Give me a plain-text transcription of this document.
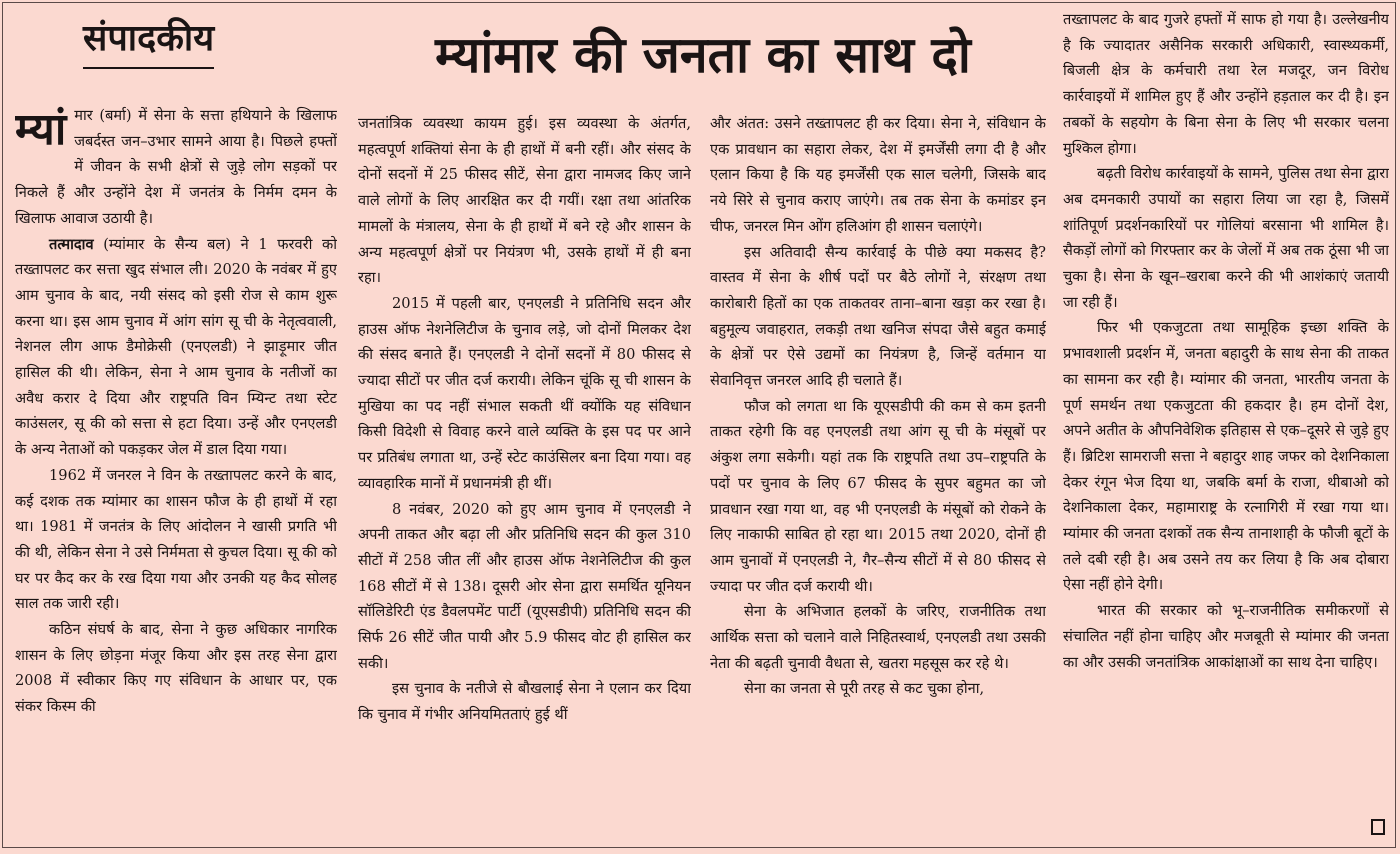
संपादकीय	म्यांमार की जनता का साथ दो

म्यां मार (बर्मा) में सेना के सत्ता हथियाने के खिलाफ जबर्दस्त जन–उभार सामने आया है। पिछले हफ्तों में जीवन के सभी क्षेत्रों से जुड़े लोग सड़कों पर निकले हैं और उन्होंने देश में जनतंत्र के निर्मम दमन के खिलाफ आवाज उठायी है।

तत्मादाव (म्यांमार के सैन्य बल) ने 1 फरवरी को तख्तापलट कर सत्ता खुद संभाल ली। 2020 के नवंबर में हुए आम चुनाव के बाद, नयी संसद को इसी रोज से काम शुरू करना था। इस आम चुनाव में आंग सांग सू ची के नेतृत्ववाली, नेशनल लीग आफ डैमोक्रेसी (एनएलडी) ने झाड़ूमार जीत हासिल की थी। लेकिन, सेना ने आम चुनाव के नतीजों का अवैध करार दे दिया और राष्ट्रपति विन म्यिन्ट तथा स्टेट काउंसलर, सू की को सत्ता से हटा दिया। उन्हें और एनएलडी के अन्य नेताओं को पकड़कर जेल में डाल दिया गया।

1962 में जनरल ने विन के तख्तापलट करने के बाद, कई दशक तक म्यांमार का शासन फौज के ही हाथों में रहा था। 1981 में जनतंत्र के लिए आंदोलन ने खासी प्रगति भी की थी, लेकिन सेना ने उसे निर्ममता से कुचल दिया। सू की को घर पर कैद कर के रख दिया गया और उनकी यह कैद सोलह साल तक जारी रही।

कठिन संघर्ष के बाद, सेना ने कुछ अधिकार नागरिक शासन के लिए छोड़ना मंजूर किया और इस तरह सेना द्वारा 2008 में स्वीकार किए गए संविधान के आधार पर, एक संकर किस्म की

जनतांत्रिक व्यवस्था कायम हुई। इस व्यवस्था के अंतर्गत, महत्वपूर्ण शक्तियां सेना के ही हाथों में बनी रहीं। और संसद के दोनों सदनों में 25 फीसद सीटें, सेना द्वारा नामजद किए जाने वाले लोगों के लिए आरक्षित कर दी गयीं। रक्षा तथा आंतरिक मामलों के मंत्रालय, सेना के ही हाथों में बने रहे और शासन के अन्य महत्वपूर्ण क्षेत्रों पर नियंत्रण भी, उसके हाथों में ही बना रहा।

2015 में पहली बार, एनएलडी ने प्रतिनिधि सदन और हाउस ऑफ नेशनेलिटीज के चुनाव लड़े, जो दोनों मिलकर देश की संसद बनाते हैं। एनएलडी ने दोनों सदनों में 80 फीसद से ज्यादा सीटों पर जीत दर्ज करायी। लेकिन चूंकि सू ची शासन के मुखिया का पद नहीं संभाल सकती थीं क्योंकि यह संविधान किसी विदेशी से विवाह करने वाले व्यक्ति के इस पद पर आने पर प्रतिबंध लगाता था, उन्हें स्टेट काउंसिलर बना दिया गया। वह व्यावहारिक मानों में प्रधानमंत्री ही थीं।

8 नवंबर, 2020 को हुए आम चुनाव में एनएलडी ने अपनी ताकत और बढ़ा ली और प्रतिनिधि सदन की कुल 310 सीटों में 258 जीत लीं और हाउस ऑफ नेशनेलिटीज की कुल 168 सीटों में से 138। दूसरी ओर सेना द्वारा समर्थित यूनियन सॉलिडेरिटी एंड डैवलपमेंट पार्टी (यूएसडीपी) प्रतिनिधि सदन की सिर्फ 26 सीटें जीत पायी और 5.9 फीसद वोट ही हासिल कर सकी।

इस चुनाव के नतीजे से बौखलाई सेना ने एलान कर दिया कि चुनाव में गंभीर अनियमितताएं हुई थीं

और अंतत: उसने तख्तापलट ही कर दिया। सेना ने, संविधान के एक प्रावधान का सहारा लेकर, देश में इमर्जेंसी लगा दी है और एलान किया है कि यह इमर्जेंसी एक साल चलेगी, जिसके बाद नये सिरे से चुनाव कराए जाएंगे। तब तक सेना के कमांडर इन चीफ, जनरल मिन ओंग हलिआंग ही शासन चलाएंगे।

इस अतिवादी सैन्य कार्रवाई के पीछे क्या मकसद है? वास्तव में सेना के शीर्ष पदों पर बैठे लोगों ने, संरक्षण तथा कारोबारी हितों का एक ताकतवर ताना–बाना खड़ा कर रखा है। बहुमूल्य जवाहरात, लकड़ी तथा खनिज संपदा जैसे बहुत कमाई के क्षेत्रों पर ऐसे उद्यमों का नियंत्रण है, जिन्हें वर्तमान या सेवानिवृत्त जनरल आदि ही चलाते हैं।

फौज को लगता था कि यूएसडीपी की कम से कम इतनी ताकत रहेगी कि वह एनएलडी तथा आंग सू ची के मंसूबों पर अंकुश लगा सकेगी। यहां तक कि राष्ट्रपति तथा उप–राष्ट्रपति के पदों पर चुनाव के लिए 67 फीसद के सुपर बहुमत का जो प्रावधान रखा गया था, वह भी एनएलडी के मंसूबों को रोकने के लिए नाकाफी साबित हो रहा था। 2015 तथा 2020, दोनों ही आम चुनावों में एनएलडी ने, गैर–सैन्य सीटों में से 80 फीसद से ज्यादा पर जीत दर्ज करायी थी।

सेना के अभिजात हलकों के जरिए, राजनीतिक तथा आर्थिक सत्ता को चलाने वाले निहितस्वार्थ, एनएलडी तथा उसकी नेता की बढ़ती चुनावी वैधता से, खतरा महसूस कर रहे थे।

सेना का जनता से पूरी तरह से कट चुका होना,

तख्तापलट के बाद गुजरे हफ्तों में साफ हो गया है। उल्लेखनीय है कि ज्यादातर असैनिक सरकारी अधिकारी, स्वास्थ्यकर्मी, बिजली क्षेत्र के कर्मचारी तथा रेल मजदूर, जन विरोध कार्रवाइयों में शामिल हुए हैं और उन्होंने हड़ताल कर दी है। इन तबकों के सहयोग के बिना सेना के लिए भी सरकार चलना मुश्किल होगा।

बढ़ती विरोध कार्रवाइयों के सामने, पुलिस तथा सेना द्वारा अब दमनकारी उपायों का सहारा लिया जा रहा है, जिसमें शांतिपूर्ण प्रदर्शनकारियों पर गोलियां बरसाना भी शामिल है। सैकड़ों लोगों को गिरफ्तार कर के जेलों में अब तक ठूंसा भी जा चुका है। सेना के खून–खराबा करने की भी आशंकाएं जतायी जा रही हैं।

फिर भी एकजुटता तथा सामूहिक इच्छा शक्ति के प्रभावशाली प्रदर्शन में, जनता बहादुरी के साथ सेना की ताकत का सामना कर रही है। म्यांमार की जनता, भारतीय जनता के पूर्ण समर्थन तथा एकजुटता की हकदार है। हम दोनों देश, अपने अतीत के औपनिवेशिक इतिहास से एक–दूसरे से जुड़े हुए हैं। ब्रिटिश सामराजी सत्ता ने बहादुर शाह जफर को देशनिकाला देकर रंगून भेज दिया था, जबकि बर्मा के राजा, थीबाओ को देशनिकाला देकर, महामाराष्ट्र के रत्नागिरी में रखा गया था। म्यांमार की जनता दशकों तक सैन्य तानाशाही के फौजी बूटों के तले दबी रही है। अब उसने तय कर लिया है कि अब दोबारा ऐसा नहीं होने देगी।

भारत की सरकार को भू–राजनीतिक समीकरणों से संचालित नहीं होना चाहिए और मजबूती से म्यांमार की जनता का और उसकी जनतांत्रिक आकांक्षाओं का साथ देना चाहिए।
